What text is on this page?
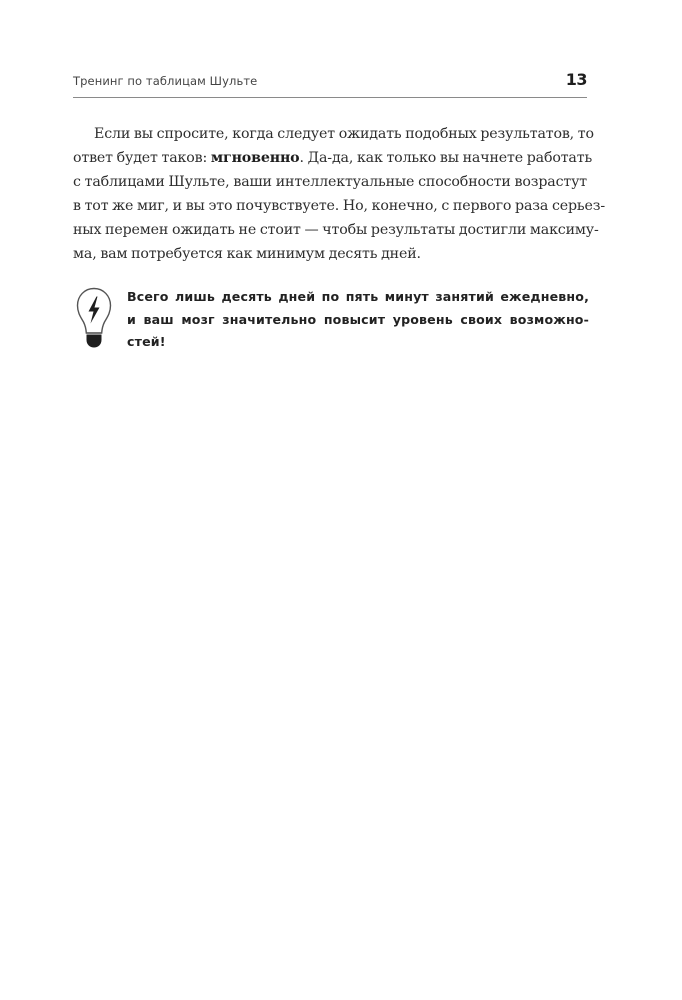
Тренинг по таблицам Шульте	13
Если вы спросите, когда следует ожидать подобных результатов, то
ответ будет таков: мгновенно. Да-да, как только вы начнете работать
с таблицами Шульте, ваши интеллектуальные способности возрастут
в тот же миг, и вы это почувствуете. Но, конечно, с первого раза серьез-
ных перемен ожидать не стоит — чтобы результаты достигли максиму-
ма, вам потребуется как минимум десять дней.
Всего лишь десять дней по пять минут занятий ежедневно,
и ваш мозг значительно повысит уровень своих возможно-
стей!
